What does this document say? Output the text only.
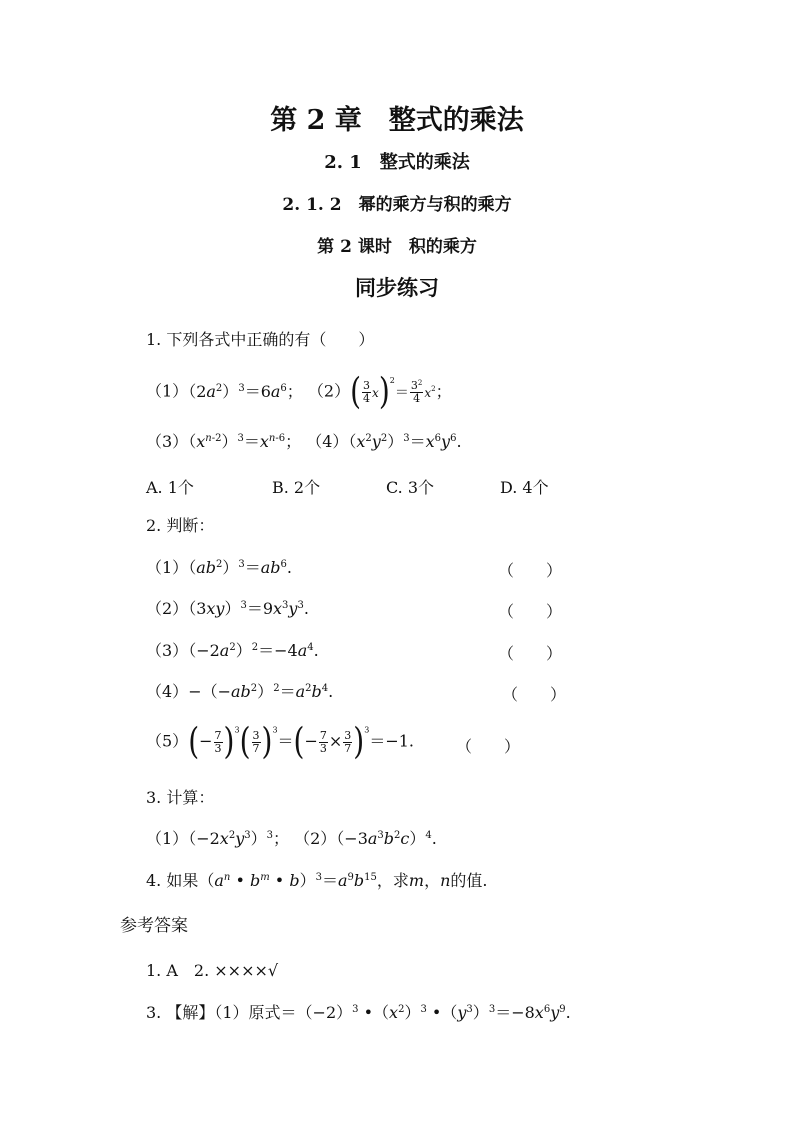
第 2 章　整式的乘法
2. 1　整式的乘法
2. 1. 2　幂的乘方与积的乘方
第 2 课时　积的乘方
同步练习
1. 下列各式中正确的有（　　）
$(1)(2a^2)^3=6a^6$； $(2)( \frac{3}{4} x)^2= \frac{3^2}{4} x^2$；
$(3)(x^{n-2})^3=x^{n-6}$； $(4)(x^2y^2)^3=x^6y^6$.
A. 1个	B. 2个	C. 3个	D. 4个
2. 判断：
$(1)(ab^2)^3=ab^6$.	（　　）
$(2)(3xy)^3=9x^3y^3$.	（　　）
$(3)(-2a^2)^2=-4a^4$.	（　　）
$(4)-(-ab^2)^2=a^2b^4$.	（　　）
$(5)(- \frac{7}{3} )^3( \frac{3}{7} )^3=(- \frac{7}{3} \times \frac{3}{7} )^3=-1$.	（　　）
3. 计算：
$(1)(-2x^2y^3)^3$； $(2)(-3a^3b^2c)^4$.
4. 如果（$a^n$ • $b^m$ • $b)^3=a^9b^{15}$，求m，n的值.
参考答案
1. A　2. ××××√
3. 【解】（1）原式$=(-2)^3$ $•(x^2)^3$ $•(y^3)^3=-8x^6y^9$.
